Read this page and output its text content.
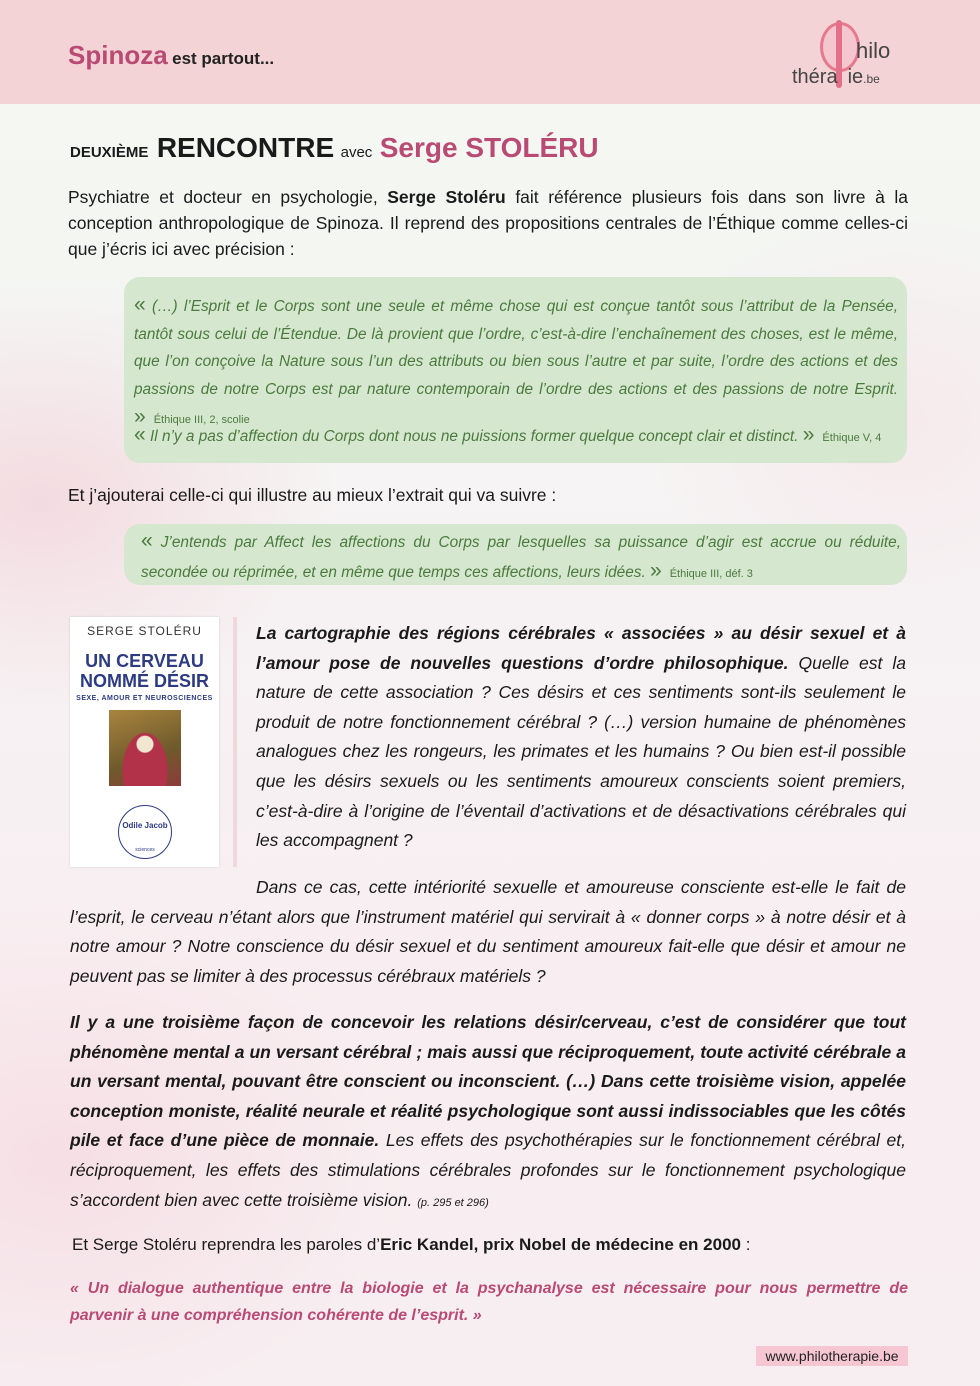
Spinoza est partout...	hilo
théra ie.be
DEUXIÈME RENCONTRE avec Serge STOLÉRU
Psychiatre et docteur en psychologie, Serge Stoléru fait référence plusieurs fois dans son livre à la conception anthropologique de Spinoza. Il reprend des propositions centrales de l’Éthique comme celles-ci que j’écris ici avec précision :
« (…) l’Esprit et le Corps sont une seule et même chose qui est conçue tantôt sous l’attribut de la Pensée, tantôt sous celui de l’Étendue. De là provient que l’ordre, c’est-à-dire l’enchaînement des choses, est le même, que l’on conçoive la Nature sous l’un des attributs ou bien sous l’autre et par suite, l’ordre des actions et des passions de notre Corps est par nature contemporain de l’ordre des actions et des passions de notre Esprit. » Éthique III, 2, scolie
« Il n’y a pas d’affection du Corps dont nous ne puissions former quelque concept clair et distinct. » Éthique V, 4
Et j’ajouterai celle-ci qui illustre au mieux l’extrait qui va suivre :
« J’entends par Affect les affections du Corps par lesquelles sa puissance d’agir est accrue ou réduite, secondée ou réprimée, et en même que temps ces affections, leurs idées. » Éthique III, déf. 3
SERGE STOLÉRU
UN CERVEAU
NOMMÉ DÉSIR
SEXE, AMOUR ET NEUROSCIENCES
Odile Jacob
sciences
La cartographie des régions cérébrales « associées » au désir sexuel et à l’amour pose de nouvelles questions d’ordre philosophique. Quelle est la nature de cette association ? Ces désirs et ces sentiments sont-ils seulement le produit de notre fonctionnement cérébral ? (…) version humaine de phénomènes analogues chez les rongeurs, les primates et les humains ? Ou bien est-il possible que les désirs sexuels ou les sentiments amoureux conscients soient premiers, c’est-à-dire à l’origine de l’éventail d’activations et de désactivations cérébrales qui les accompagnent ?
Dans ce cas, cette intériorité sexuelle et amoureuse consciente est-elle le fait de l’esprit, le cerveau n’étant alors que l’instrument matériel qui servirait à « donner corps » à notre désir et à notre amour ? Notre conscience du désir sexuel et du sentiment amoureux fait-elle que désir et amour ne peuvent pas se limiter à des processus cérébraux matériels ?
Il y a une troisième façon de concevoir les relations désir/cerveau, c’est de considérer que tout phénomène mental a un versant cérébral ; mais aussi que réciproquement, toute activité cérébrale a un versant mental, pouvant être conscient ou inconscient. (…) Dans cette troisième vision, appelée conception moniste, réalité neurale et réalité psychologique sont aussi indissociables que les côtés pile et face d’une pièce de monnaie. Les effets des psychothérapies sur le fonctionnement cérébral et, réciproquement, les effets des stimulations cérébrales profondes sur le fonctionnement psychologique s’accordent bien avec cette troisième vision. (p. 295 et 296)
Et Serge Stoléru reprendra les paroles d’Eric Kandel, prix Nobel de médecine en 2000 :
« Un dialogue authentique entre la biologie et la psychanalyse est nécessaire pour nous permettre de parvenir à une compréhension cohérente de l’esprit. »
www.philotherapie.be
